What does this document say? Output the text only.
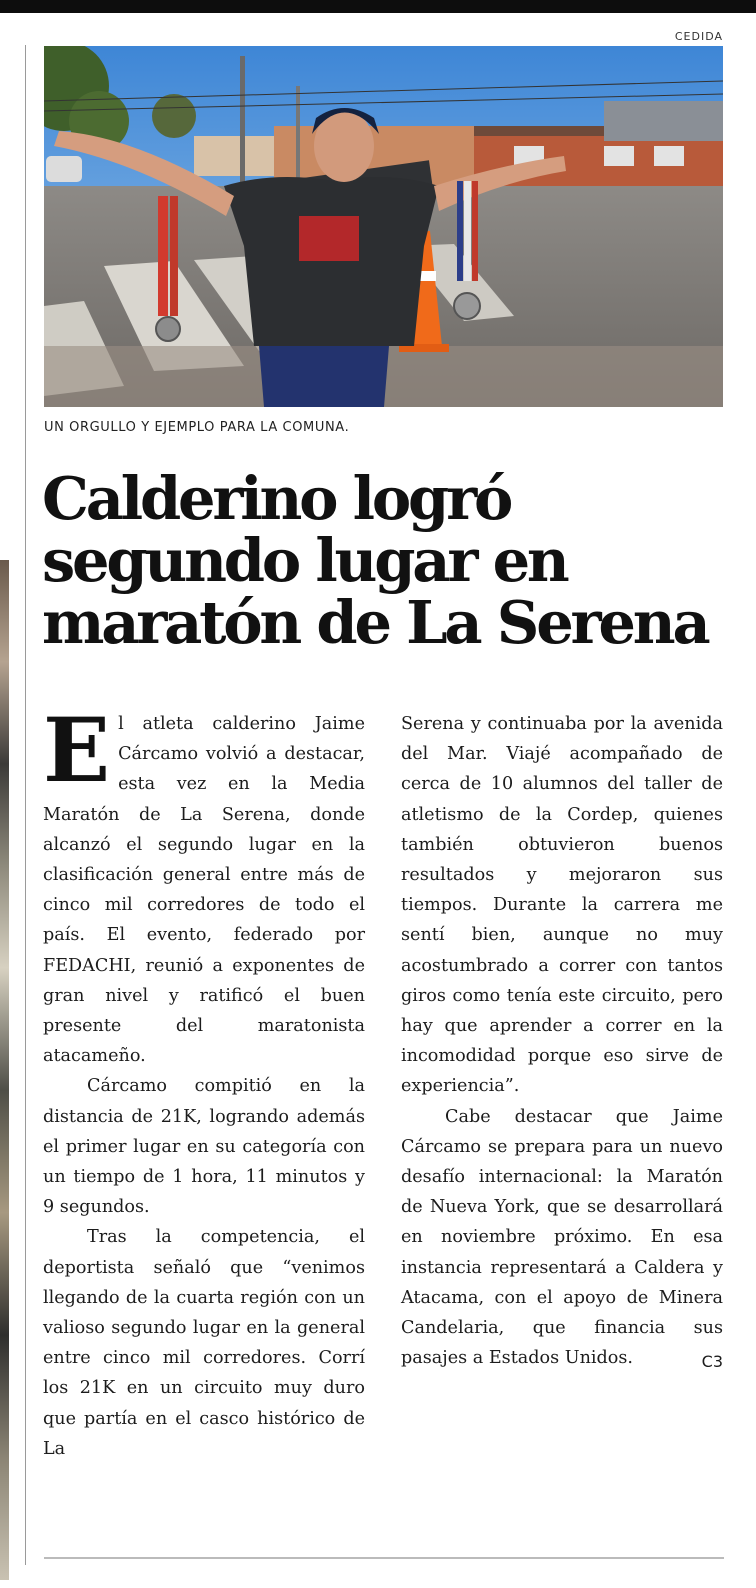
CEDIDA
UN ORGULLO Y EJEMPLO PARA LA COMUNA.
Calderino logró segundo lugar en maratón de La Serena

El atleta calderino Jaime Cárcamo volvió a destacar, esta vez en la Media Maratón de La Serena, donde alcanzó el segundo lugar en la clasificación general entre más de cinco mil corredores de todo el país. El evento, federado por FEDACHI, reunió a exponentes de gran nivel y ratificó el buen presente del maratonista atacameño.

Cárcamo compitió en la distancia de 21K, logrando además el primer lugar en su categoría con un tiempo de 1 hora, 11 minutos y 9 segundos.

Tras la competencia, el deportista señaló que “venimos llegando de la cuarta región con un valioso segundo lugar en la general entre cinco mil corredores. Corrí los 21K en un circuito muy duro que partía en el casco histórico de La

Serena y continuaba por la avenida del Mar. Viajé acompañado de cerca de 10 alumnos del taller de atletismo de la Cordep, quienes también obtuvieron buenos resultados y mejoraron sus tiempos. Durante la carrera me sentí bien, aunque no muy acostumbrado a correr con tantos giros como tenía este circuito, pero hay que aprender a correr en la incomodidad porque eso sirve de experiencia”.

Cabe destacar que Jaime Cárcamo se prepara para un nuevo desafío internacional: la Maratón de Nueva York, que se desarrollará en noviembre próximo. En esa instancia representará a Caldera y Atacama, con el apoyo de Minera Candelaria, que financia sus pasajes a Estados Unidos.	C3
